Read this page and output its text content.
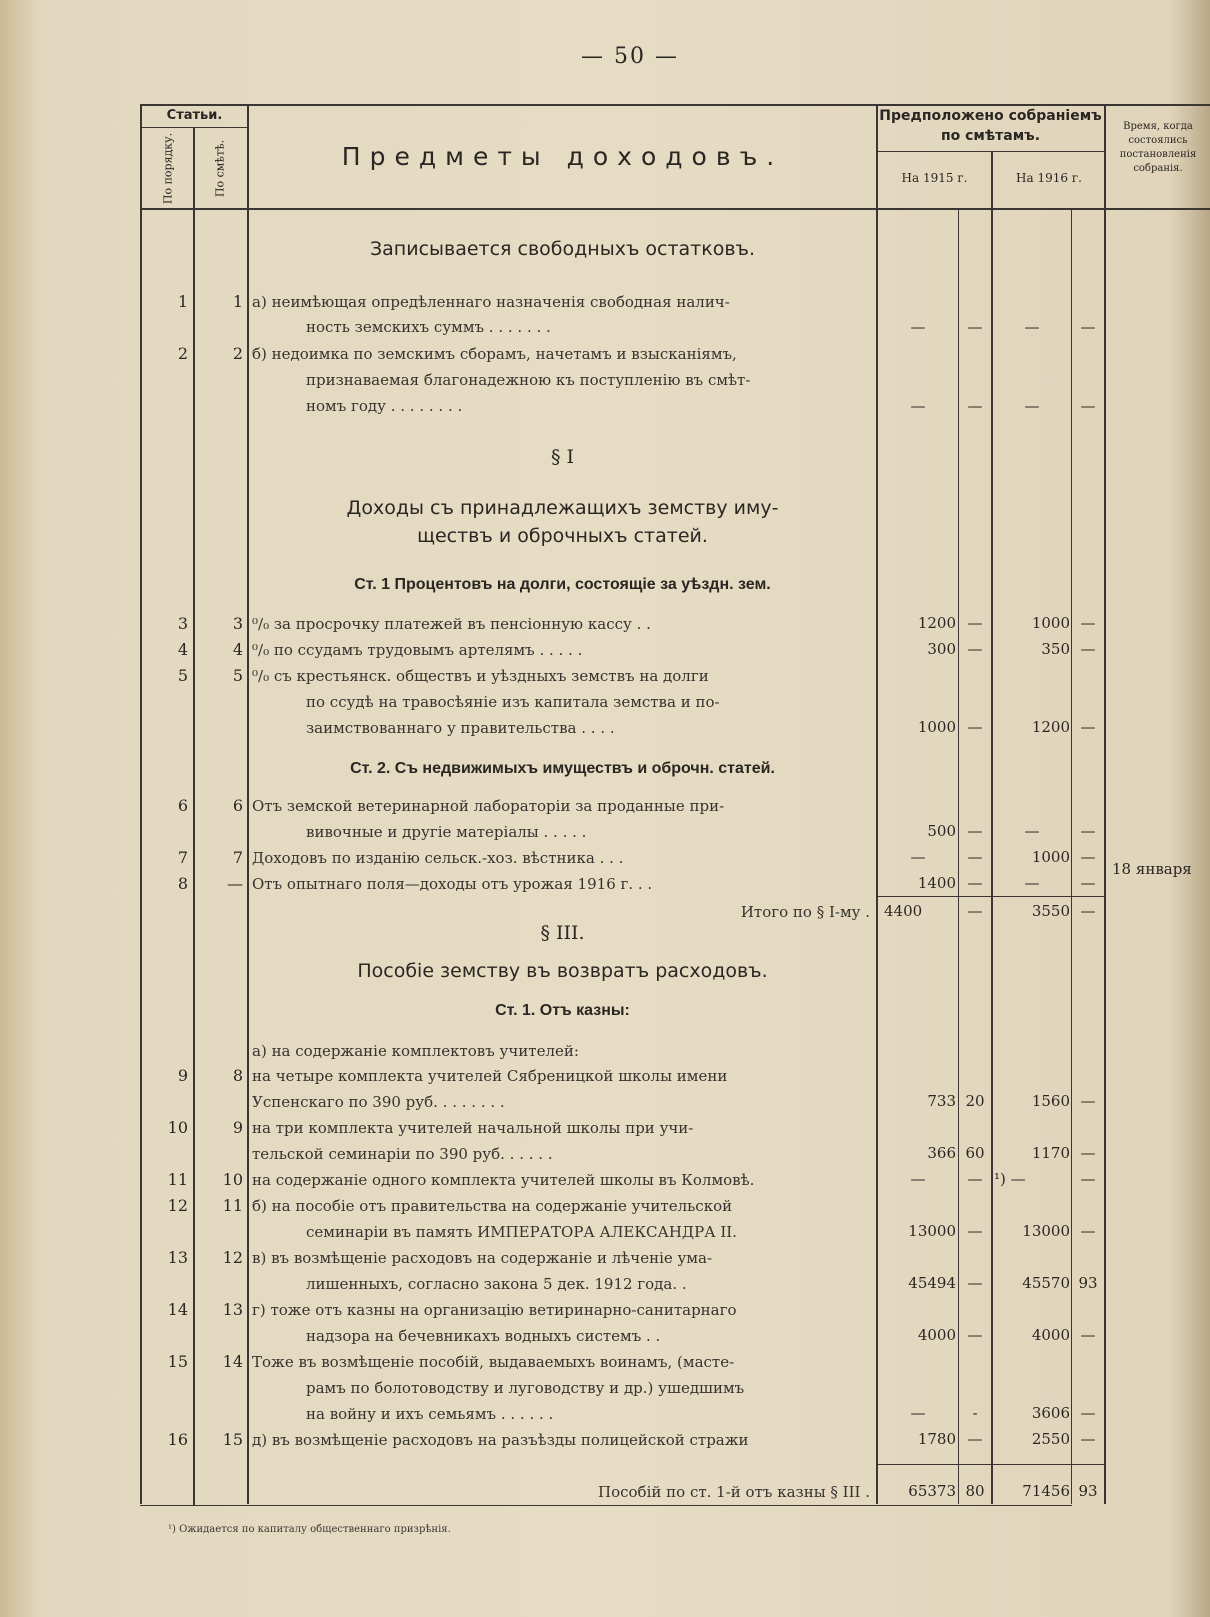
— 50 —
Статьи.
По порядку.	По смѣтѣ.	Предметы доходовъ.
Предположено собраніемъ по смѣтамъ.
На 1915 г.	На 1916 г.
Время, когда состоялись постановленія собранія.
Записывается свободныхъ остатковъ.
1	1 а) неимѣющая опредѣленнаго назначенія свободная налич-
ность земскихъ суммъ . . . . . . .	—	—	—	—
2	2 б) недоимка по земскимъ сборамъ, начетамъ и взысканіямъ,
признаваемая благонадежною къ поступленію въ смѣт-
номъ году . . . . . . . .	—	—	—	—
§ I
Доходы съ принадлежащихъ земству иму-
ществъ и оброчныхъ статей.
Ст. 1 Процентовъ на долги, состоящіе за уѣздн. зем.
3	3 ⁰/₀ за просрочку платежей въ пенсіонную кассу . .	1200 —	1000 —
4	4 ⁰/₀ по ссудамъ трудовымъ артелямъ . . . . .	300 —	350 —
5	5 ⁰/₀ съ крестьянск. обществъ и уѣздныхъ земствъ на долги
по ссудѣ на травосѣяніе изъ капитала земства и по-
заимствованнаго у правительства . . . .	1000 —	1200 —
Ст. 2. Съ недвижимыхъ имуществъ и оброчн. статей.
6	6 Отъ земской ветеринарной лабораторіи за проданные при-
вивочные и другіе матеріалы . . . . .	500 —	—	—
7	7 Доходовъ по изданію сельск.-хоз. вѣстника . . .	—	—	1000 —
8	— Отъ опытнаго поля—доходы отъ урожая 1916 г. . .	1400 —	—	—
Итого по § I-му . 4400	—	3550 —
18 января
§ III.
Пособіе земству въ возвратъ расходовъ.
Ст. 1. Отъ казны:
а) на содержаніе комплектовъ учителей:
9	8 на четыре комплекта учителей Сябреницкой школы имени
Успенскаго по 390 руб. . . . . . . .	733 20	1560 —
10	9 на три комплекта учителей начальной школы при учи-
тельской семинаріи по 390 руб. . . . . .	366 60	1170 —
11	10 на содержаніе одного комплекта учителей школы въ Колмовѣ.	—	— ¹) —	—
12	11 б) на пособіе отъ правительства на содержаніе учительской
семинаріи въ память ИМПЕРАТОРА АЛЕКСАНДРА II.	13000 —	13000 —
13	12 в) въ возмѣщеніе расходовъ на содержаніе и лѣченіе ума-
лишенныхъ, согласно закона 5 дек. 1912 года. .	45494 —	45570 93
14	13 г) тоже отъ казны на организацію ветиринарно-санитарнаго
надзора на бечевникахъ водныхъ системъ . .	4000 —	4000 —
15	14 Тоже въ возмѣщеніе пособій, выдаваемыхъ воинамъ, (масте-
рамъ по болотоводству и луговодству и др.) ушедшимъ
на войну и ихъ семьямъ . . . . . .	—	-	3606 —
16	15 д) въ возмѣщеніе расходовъ на разъѣзды полицейской стражи	1780 —	2550 —
Пособій по ст. 1-й отъ казны § III .	65373 80	71456 93
¹) Ожидается по капиталу общественнаго призрѣнія.
